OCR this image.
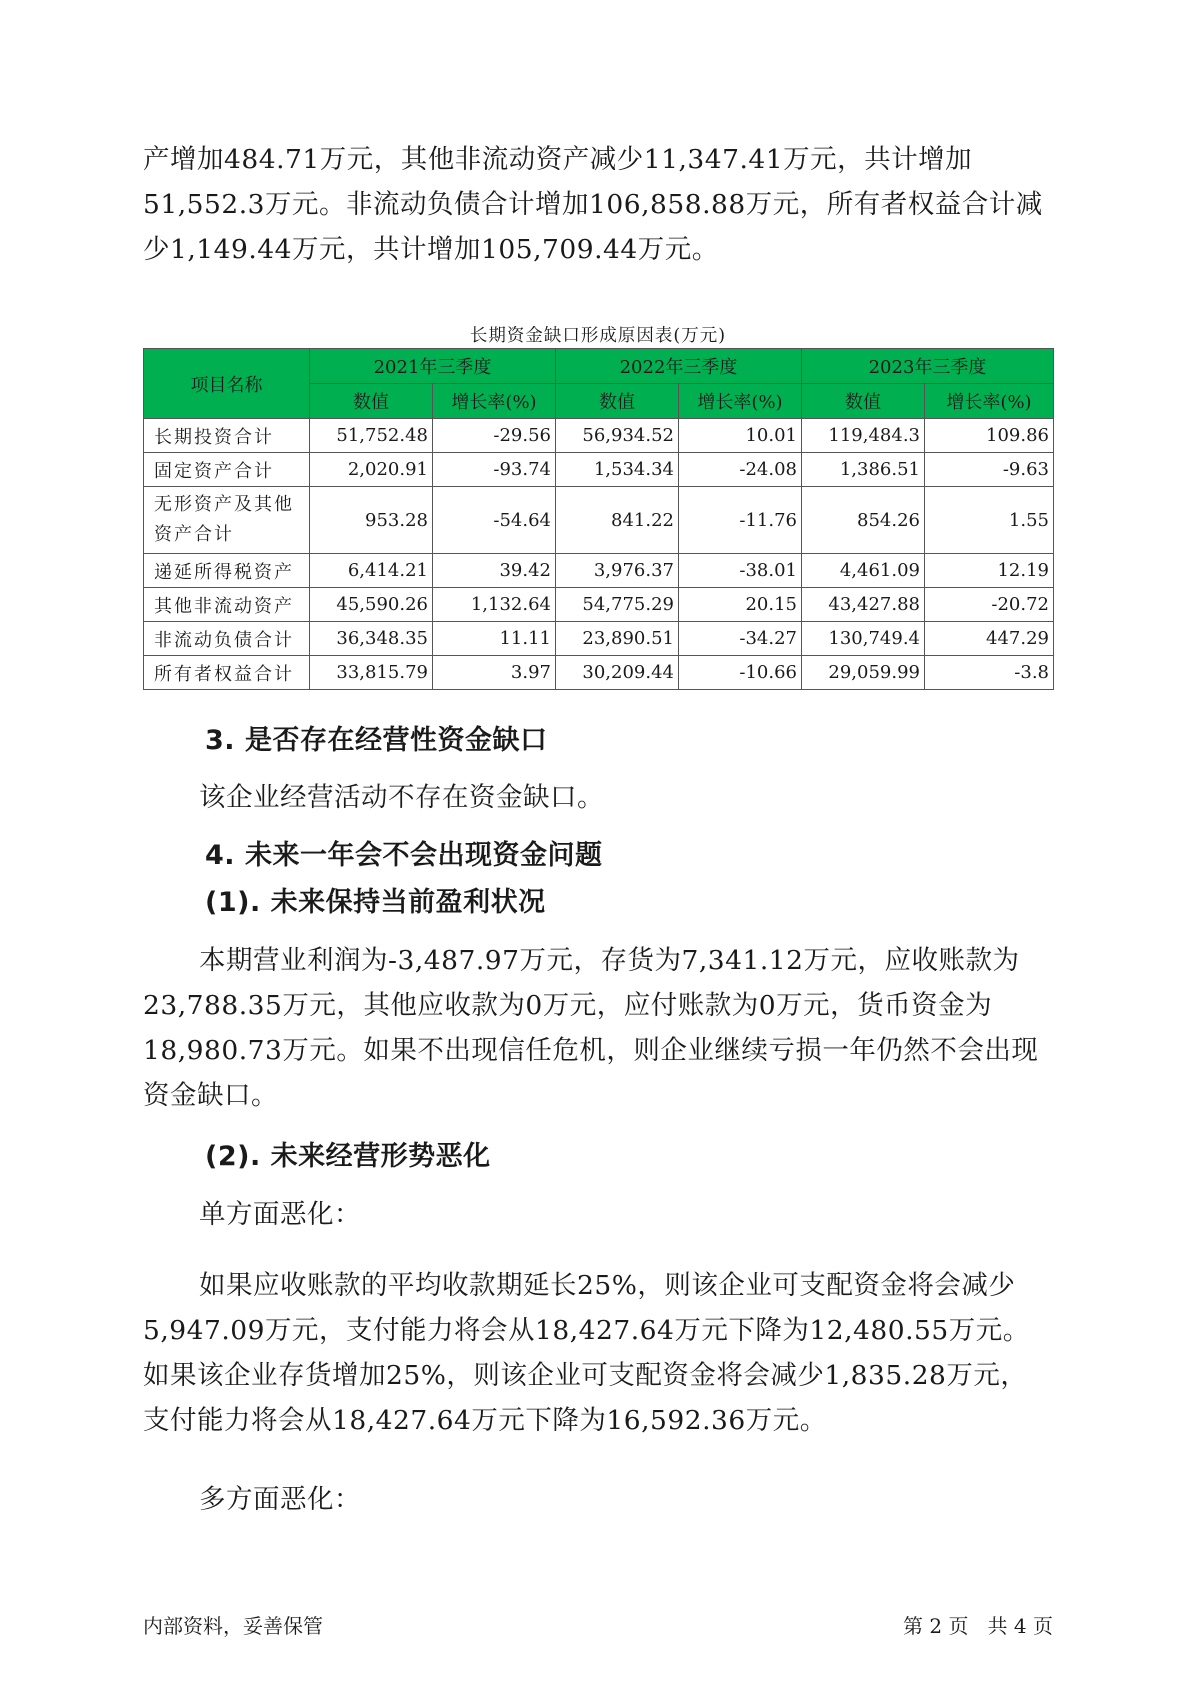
产增加484.71万元，其他非流动资产减少11,347.41万元，共计增加51,552.3万元。非流动负债合计增加106,858.88万元，所有者权益合计减少1,149.44万元，共计增加105,709.44万元。

长期资金缺口形成原因表(万元)
项目名称	2021年三季度		2022年三季度		2023年三季度	
	数值	增长率(%)	数值	增长率(%)	数值	增长率(%)
长期投资合计	51,752.48	-29.56	56,934.52	10.01	119,484.3	109.86
固定资产合计	2,020.91	-93.74	1,534.34	-24.08	1,386.51	-9.63
无形资产及其他资产合计	953.28	-54.64	841.22	-11.76	854.26	1.55
递延所得税资产	6,414.21	39.42	3,976.37	-38.01	4,461.09	12.19
其他非流动资产	45,590.26	1,132.64	54,775.29	20.15	43,427.88	-20.72
非流动负债合计	36,348.35	11.11	23,890.51	-34.27	130,749.4	447.29
所有者权益合计	33,815.79	3.97	30,209.44	-10.66	29,059.99	-3.8
3. 是否存在经营性资金缺口

该企业经营活动不存在资金缺口。

4. 未来一年会不会出现资金问题
(1). 未来保持当前盈利状况

本期营业利润为-3,487.97万元，存货为7,341.12万元，应收账款为23,788.35万元，其他应收款为0万元，应付账款为0万元，货币资金为18,980.73万元。如果不出现信任危机，则企业继续亏损一年仍然不会出现资金缺口。

(2). 未来经营形势恶化

单方面恶化：

如果应收账款的平均收款期延长25%，则该企业可支配资金将会减少5,947.09万元，支付能力将会从18,427.64万元下降为12,480.55万元。如果该企业存货增加25%，则该企业可支配资金将会减少1,835.28万元，支付能力将会从18,427.64万元下降为16,592.36万元。

多方面恶化：

内部资料，妥善保管	第 2 页   共 4 页
